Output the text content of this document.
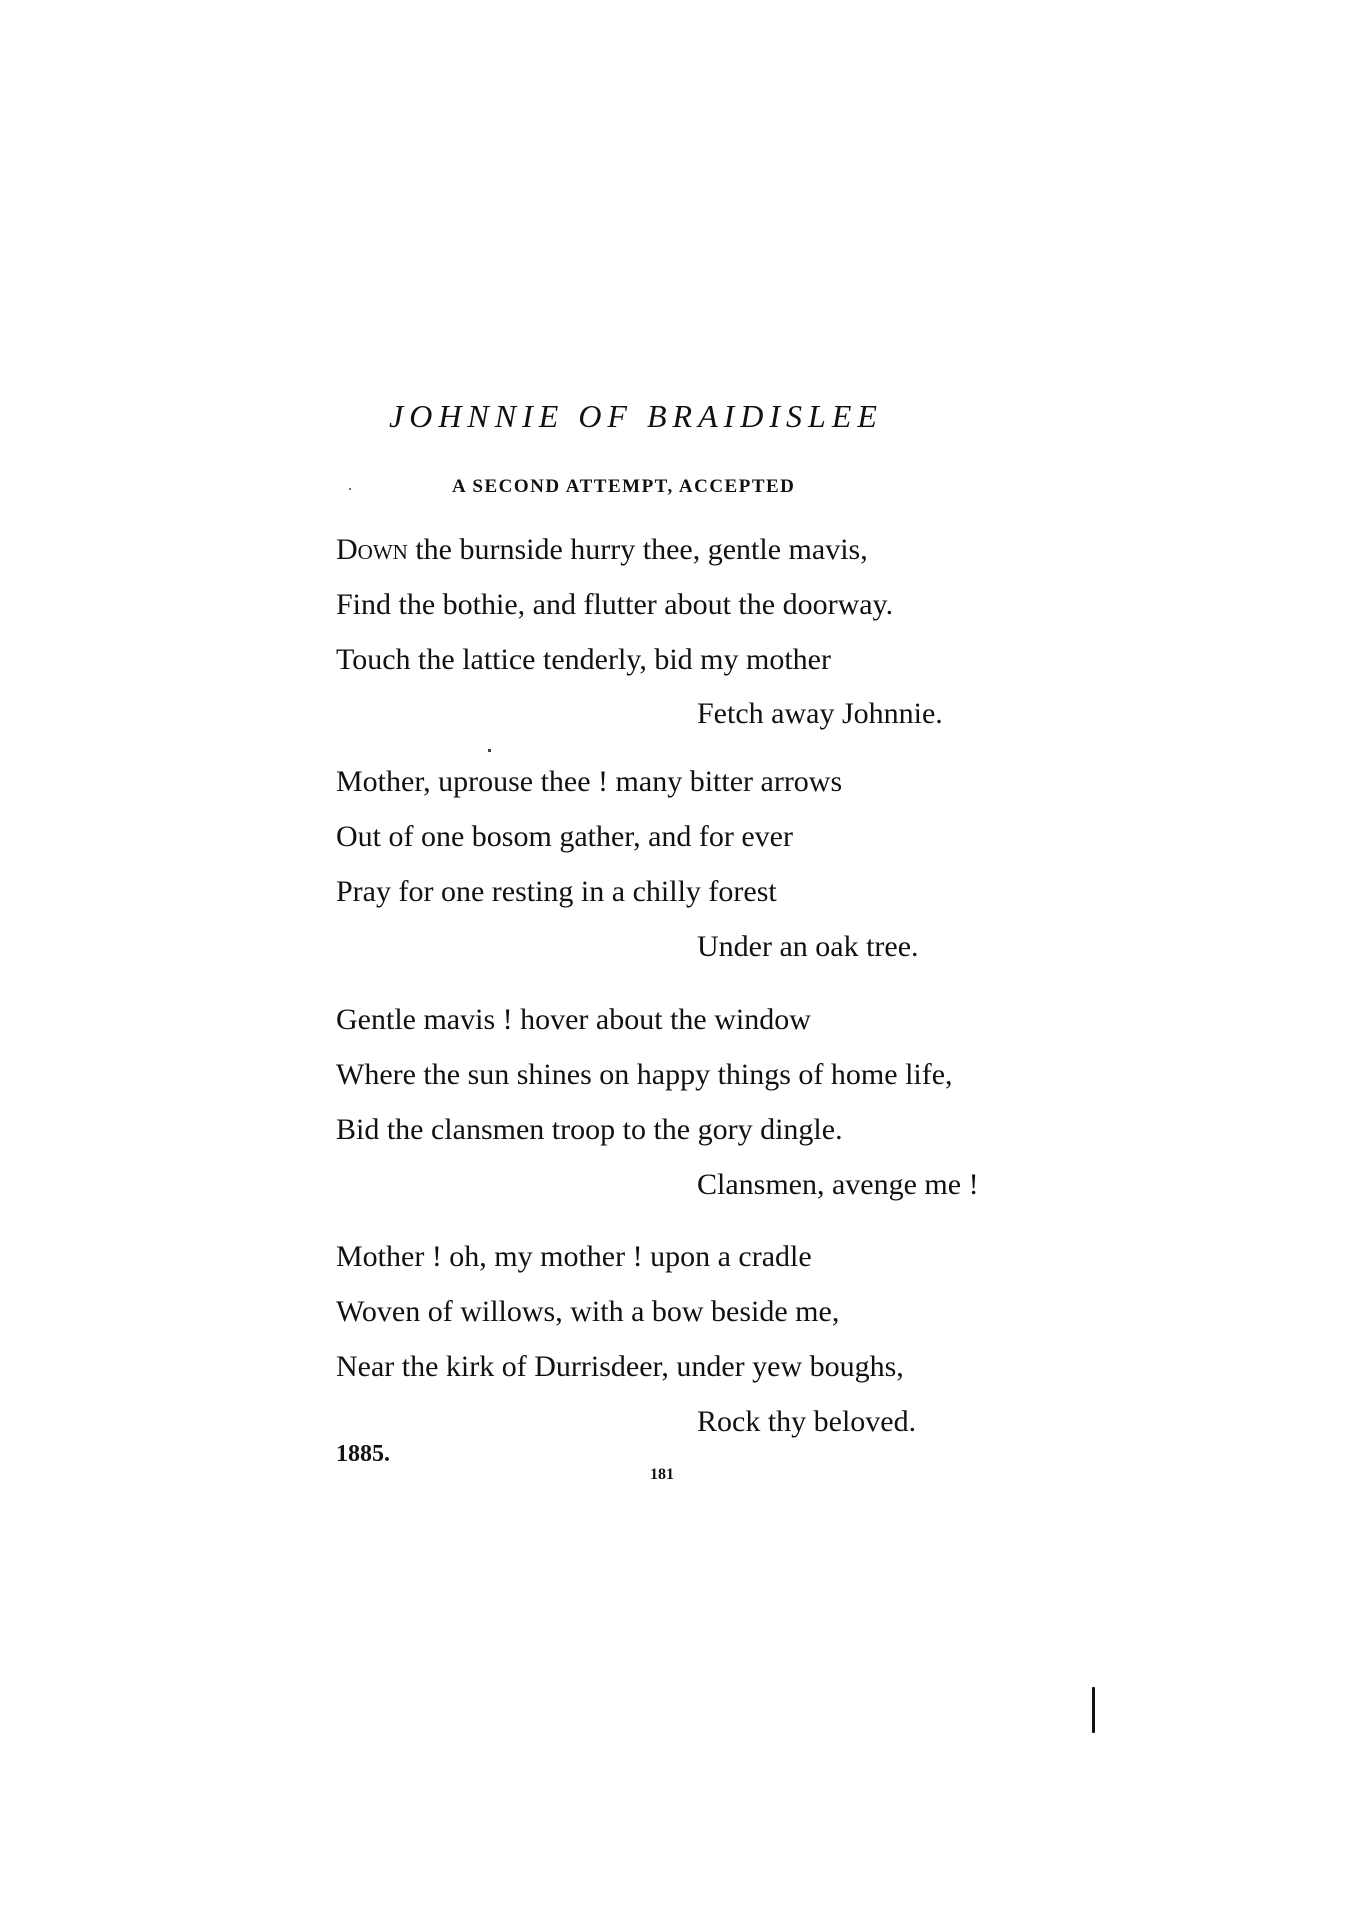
JOHNNIE OF BRAIDISLEE
A SECOND ATTEMPT, ACCEPTED
Down the burnside hurry thee, gentle mavis,
Find the bothie, and flutter about the doorway.
Touch the lattice tenderly, bid my mother
Fetch away Johnnie.
Mother, uprouse thee ! many bitter arrows
Out of one bosom gather, and for ever
Pray for one resting in a chilly forest
Under an oak tree.
Gentle mavis ! hover about the window
Where the sun shines on happy things of home life,
Bid the clansmen troop to the gory dingle.
Clansmen, avenge me !
Mother ! oh, my mother ! upon a cradle
Woven of willows, with a bow beside me,
Near the kirk of Durrisdeer, under yew boughs,
Rock thy beloved.
1885.
181
